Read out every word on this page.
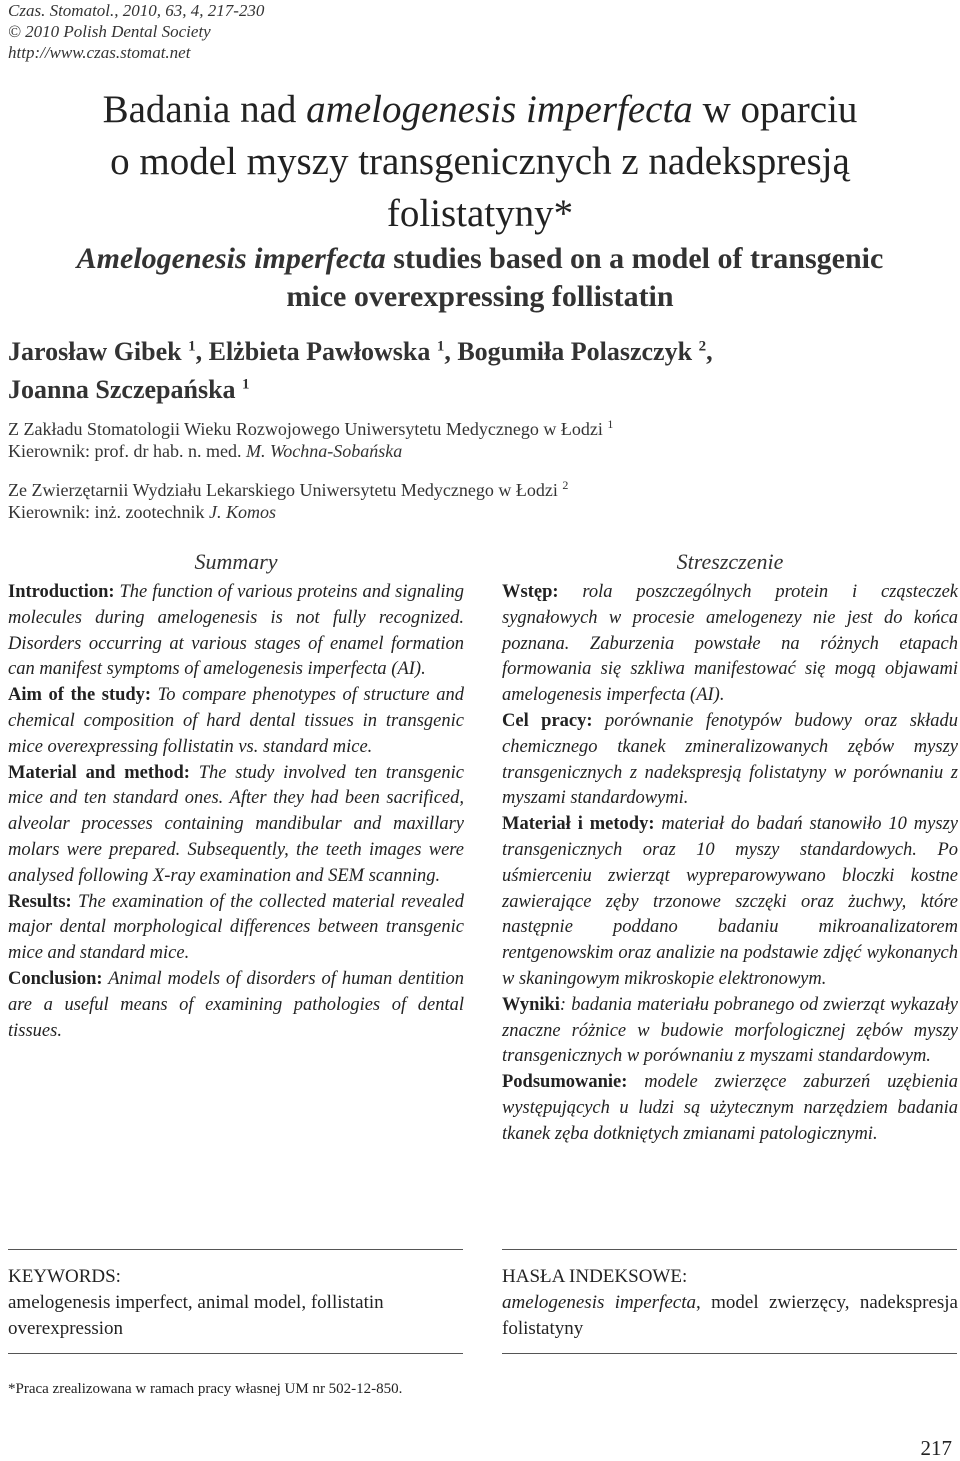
Czas. Stomatol., 2010, 63, 4, 217-230
© 2010 Polish Dental Society
http://www.czas.stomat.net
Badania nad amelogenesis imperfecta w oparciu
o model myszy transgenicznych z nadekspresją
folistatyny*
Amelogenesis imperfecta studies based on a model of transgenic
mice overexpressing follistatin
Jarosław Gibek $^1$, Elżbieta Pawłowska $^1$, Bogumiła Polaszczyk $^2$,
Joanna Szczepańska $^1$
Z Zakładu Stomatologii Wieku Rozwojowego Uniwersytetu Medycznego w Łodzi $^1$
Kierownik: prof. dr hab. n. med. M. Wochna-Sobańska
Ze Zwierzętarnii Wydziału Lekarskiego Uniwersytetu Medycznego w Łodzi $^2$
Kierownik: inż. zootechnik J. Komos
Summary

Introduction: The function of various proteins and signaling molecules during amelogenesis is not fully recognized. Disorders occurring at various stages of enamel formation can manifest symptoms of amelogenesis imperfecta (AI).

Aim of the study: To compare phenotypes of structure and chemical composition of hard dental tissues in transgenic mice overexpressing follistatin vs. standard mice.

Material and method: The study involved ten transgenic mice and ten standard ones. After they had been sacrificed, alveolar processes containing mandibular and maxillary molars were prepared. Subsequently, the teeth images were analysed following X-ray examination and SEM scanning.

Results: The examination of the collected material revealed major dental morphological differences between transgenic mice and standard mice.

Conclusion: Animal models of disorders of human dentition are a useful means of examining pathologies of dental tissues.

Streszczenie

Wstęp: rola poszczególnych protein i cząsteczek sygnałowych w procesie amelogenezy nie jest do końca poznana. Zaburzenia powstałe na różnych etapach formowania się szkliwa manifestować się mogą objawami amelogenesis imperfecta (AI).

Cel pracy: porównanie fenotypów budowy oraz składu chemicznego tkanek zmineralizowanych zębów myszy transgenicznych z nadekspresją folistatyny w porównaniu z myszami standardowymi.

Materiał i metody: materiał do badań stanowiło 10 myszy transgenicznych oraz 10 myszy standardowych. Po uśmierceniu zwierząt wypreparowywano bloczki kostne zawierające zęby trzonowe szczęki oraz żuchwy, które następnie poddano badaniu mikroanalizatorem rentgenowskim oraz analizie na podstawie zdjęć wykonanych w skaningowym mikroskopie elektronowym.

Wyniki: badania materiału pobranego od zwierząt wykazały znaczne różnice w budowie morfologicznej zębów myszy transgenicznych w porównaniu z myszami standardowym.

Podsumowanie: modele zwierzęce zaburzeń uzębienia występujących u ludzi są użytecznym narzędziem badania tkanek zęba dotkniętych zmianami patologicznymi.

KEYWORDS:
amelogenesis imperfect, animal model, follistatin overexpression
HASŁA INDEKSOWE:
amelogenesis imperfecta, model zwierzęcy, nadekspresja folistatyny
*Praca zrealizowana w ramach pracy własnej UM nr 502-12-850.
217
